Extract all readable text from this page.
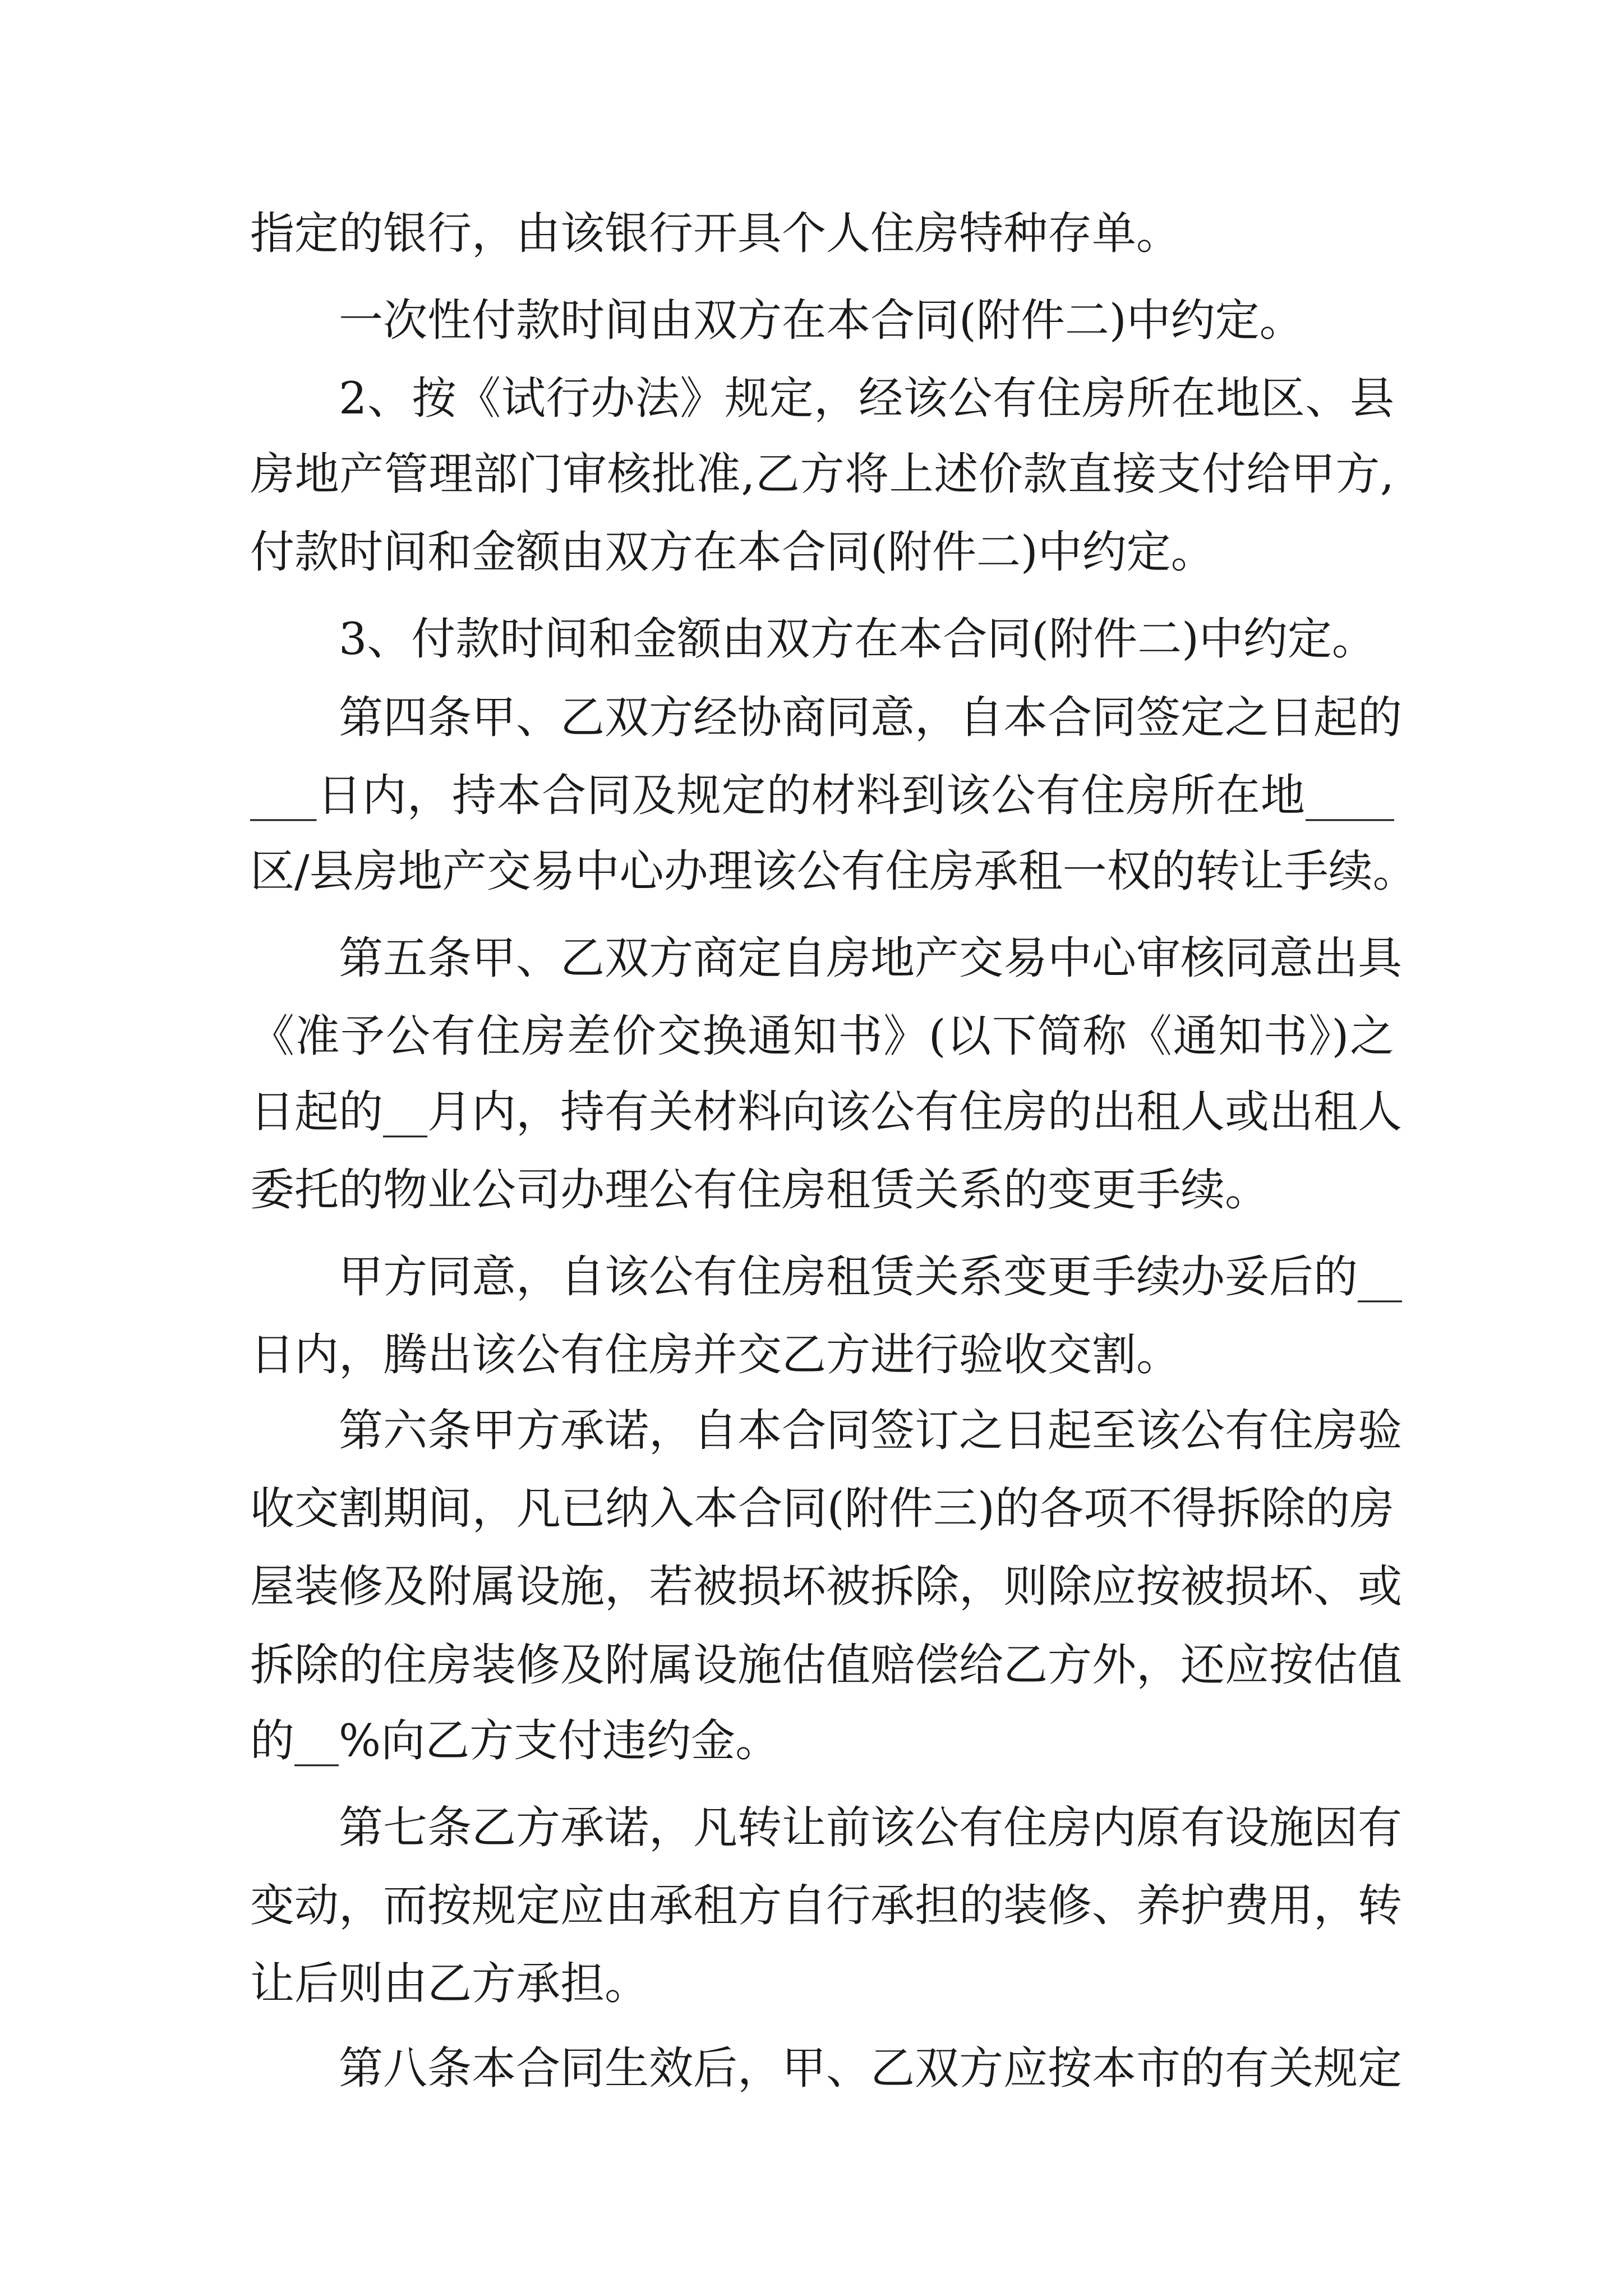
指定的银行，由该银行开具个人住房特种存单。
一次性付款时间由双方在本合同(附件二)中约定。
2、按《试行办法》规定，经该公有住房所在地区、县
房地产管理部门审核批准,乙方将上述价款直接支付给甲方,
付款时间和金额由双方在本合同(附件二)中约定。
3、付款时间和金额由双方在本合同(附件二)中约定。
第四条甲、乙双方经协商同意，自本合同签定之日起的
___日内，持本合同及规定的材料到该公有住房所在地____
区/县房地产交易中心办理该公有住房承租一权的转让手续。
第五条甲、乙双方商定自房地产交易中心审核同意出具
《准予公有住房差价交换通知书》(以下简称《通知书》)之
日起的__月内，持有关材料向该公有住房的出租人或出租人
委托的物业公司办理公有住房租赁关系的变更手续。
甲方同意，自该公有住房租赁关系变更手续办妥后的__
日内，腾出该公有住房并交乙方进行验收交割。
第六条甲方承诺，自本合同签订之日起至该公有住房验
收交割期间，凡已纳入本合同(附件三)的各项不得拆除的房
屋装修及附属设施，若被损坏被拆除，则除应按被损坏、或
拆除的住房装修及附属设施估值赔偿给乙方外，还应按估值
的__%向乙方支付违约金。
第七条乙方承诺，凡转让前该公有住房内原有设施因有
变动，而按规定应由承租方自行承担的装修、养护费用，转
让后则由乙方承担。
第八条本合同生效后，甲、乙双方应按本市的有关规定
